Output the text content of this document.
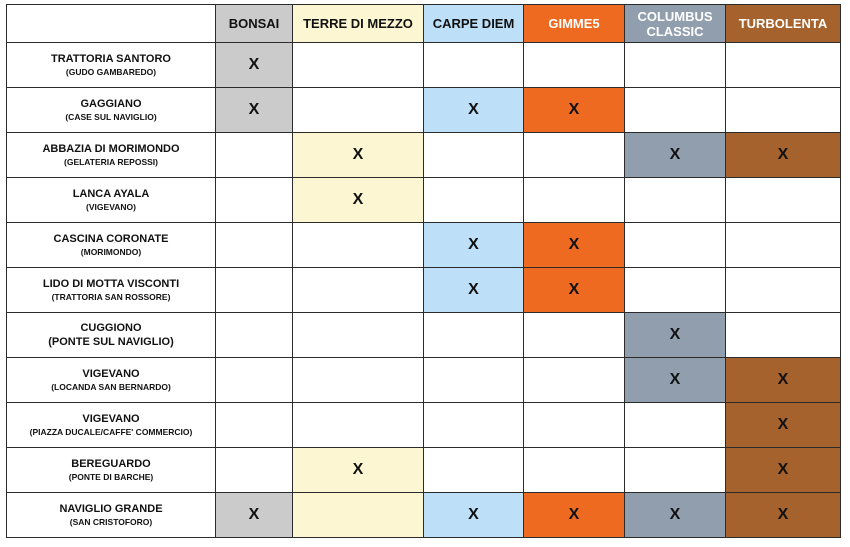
	BONSAI	TERRE DI MEZZO	CARPE DIEM	GIMME5	COLUMBUS
CLASSIC	TURBOLENTA

TRATTORIA SANTORO
(GUDO GAMBAREDO)	X					

GAGGIANO
(CASE SUL NAVIGLIO)	X		X	X		

ABBAZIA DI MORIMONDO
(GELATERIA REPOSSI)		X			X	X

LANCA AYALA
(VIGEVANO)		X				

CASCINA CORONATE
(MORIMONDO)			X	X		

LIDO DI MOTTA VISCONTI
(TRATTORIA SAN ROSSORE)			X	X		

CUGGIONO
(PONTE SUL NAVIGLIO)					X	

VIGEVANO
(LOCANDA SAN BERNARDO)					X	X

VIGEVANO
(PIAZZA DUCALE/CAFFE' COMMERCIO)						X

BEREGUARDO
(PONTE DI BARCHE)		X				X

NAVIGLIO GRANDE
(SAN CRISTOFORO)	X		X	X	X	X
